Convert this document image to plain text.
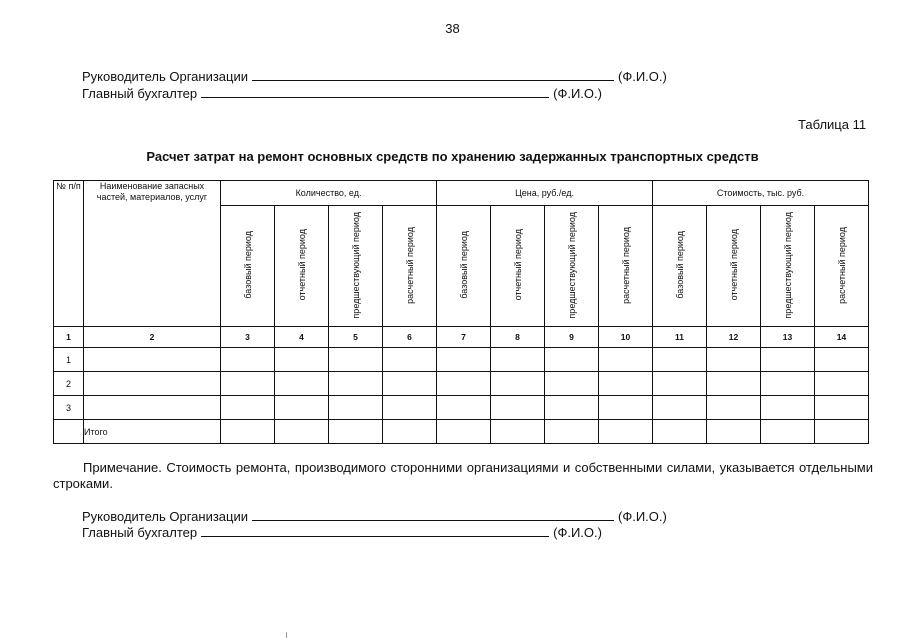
38
Руководитель Организации	(Ф.И.О.)
Главный бухгалтер	(Ф.И.О.)
Таблица 11
Расчет затрат на ремонт основных средств по хранению задержанных транспортных средств
№ п/п	Наименование запасных частей, материалов, услуг	Количество, ед.				Цена, руб./ед.				Стоимость, тыс. руб.			
		базовый период	отчетный период	предшествующий период	расчетный период	базовый период	отчетный период	предшествующий период	расчетный период	базовый период	отчетный период	предшествующий период	расчетный период
1	2	3	4	5	6	7	8	9	10	11	12	13	14
1													
2													
3													
	Итого												
Примечание. Стоимость ремонта, производимого сторонними организациями и собственными силами, указывается отдельными строками.
Руководитель Организации	(Ф.И.О.)
Главный бухгалтер	(Ф.И.О.)
